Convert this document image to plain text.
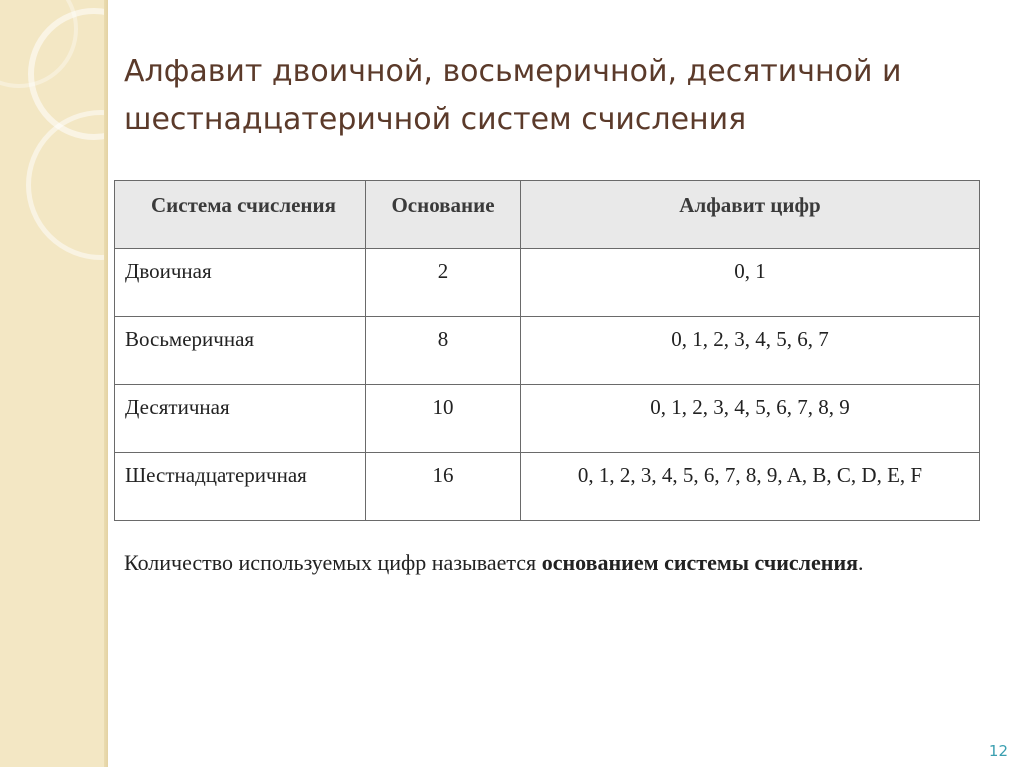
Алфавит двоичной, восьмеричной, десятичной и
шестнадцатеричной систем счисления
Система счисления	Основание	Алфавит цифр
Двоичная	2	0, 1
Восьмеричная	8	0, 1, 2, 3, 4, 5, 6, 7
Десятичная	10	0, 1, 2, 3, 4, 5, 6, 7, 8, 9
Шестнадцатеричная	16	0, 1, 2, 3, 4, 5, 6, 7, 8, 9, A, B, C, D, E, F

Количество используемых цифр называется основанием системы счисления.

12
